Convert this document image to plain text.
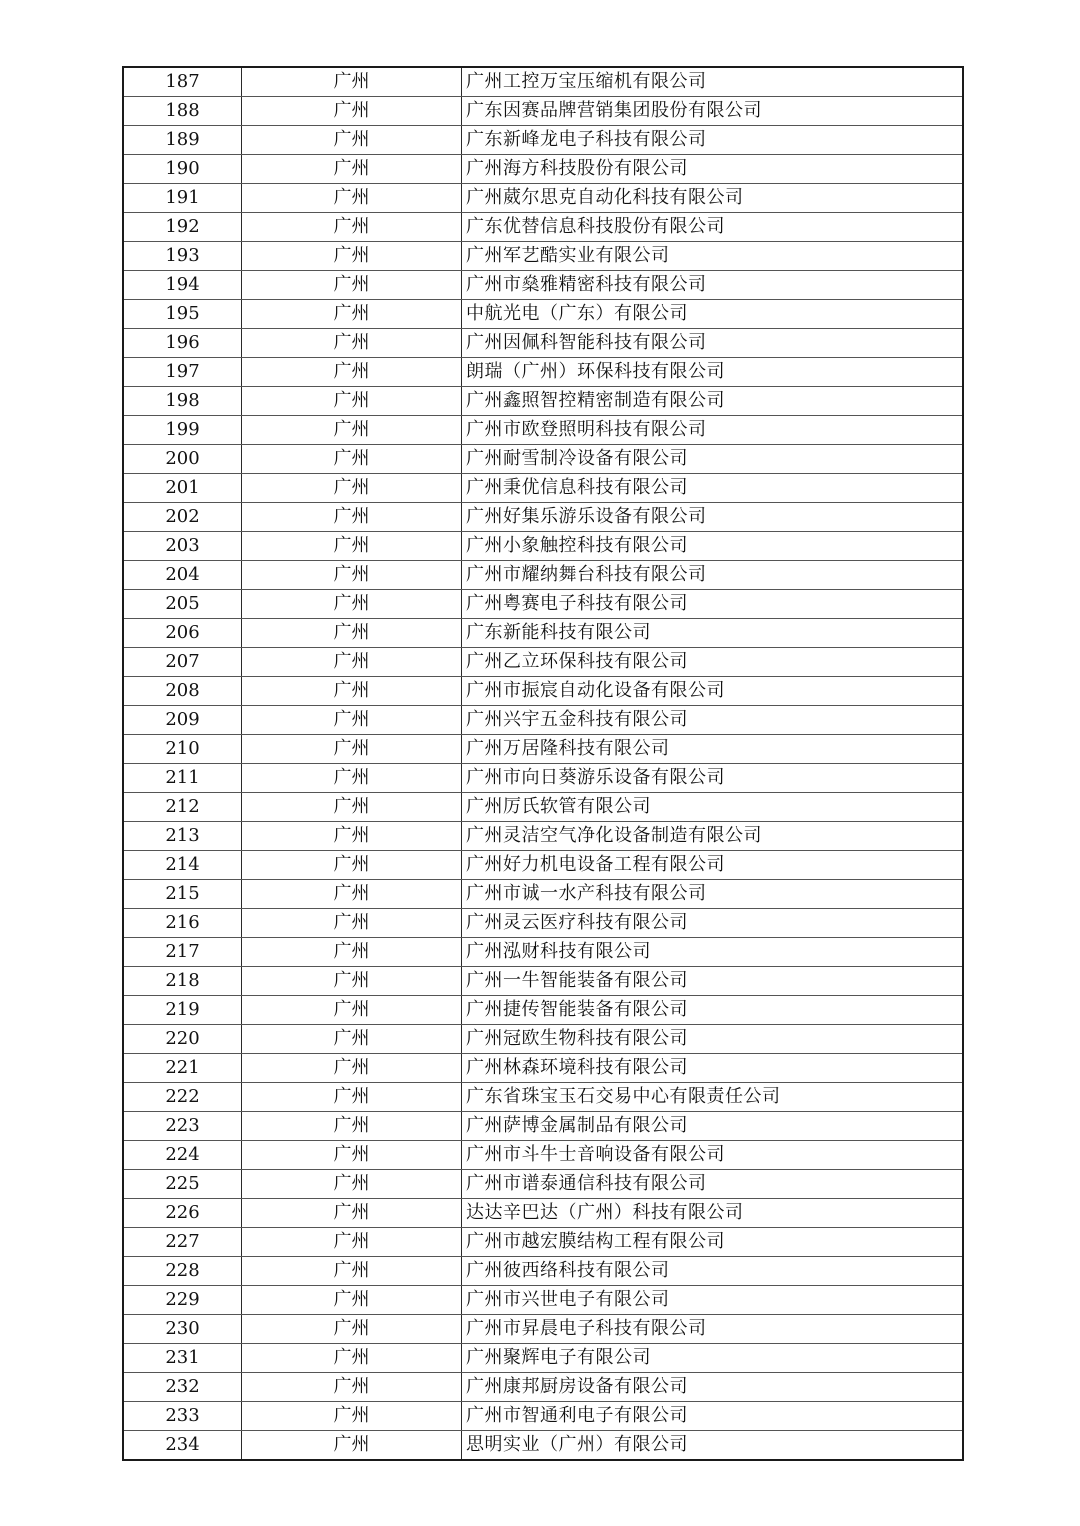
187	广州	广州工控万宝压缩机有限公司
188	广州	广东因赛品牌营销集团股份有限公司
189	广州	广东新峰龙电子科技有限公司
190	广州	广州海方科技股份有限公司
191	广州	广州葳尔思克自动化科技有限公司
192	广州	广东优替信息科技股份有限公司
193	广州	广州军艺酷实业有限公司
194	广州	广州市燊雅精密科技有限公司
195	广州	中航光电（广东）有限公司
196	广州	广州因佩科智能科技有限公司
197	广州	朗瑞（广州）环保科技有限公司
198	广州	广州鑫照智控精密制造有限公司
199	广州	广州市欧登照明科技有限公司
200	广州	广州耐雪制冷设备有限公司
201	广州	广州秉优信息科技有限公司
202	广州	广州好集乐游乐设备有限公司
203	广州	广州小象触控科技有限公司
204	广州	广州市耀纳舞台科技有限公司
205	广州	广州粤赛电子科技有限公司
206	广州	广东新能科技有限公司
207	广州	广州乙立环保科技有限公司
208	广州	广州市振宸自动化设备有限公司
209	广州	广州兴宇五金科技有限公司
210	广州	广州万居隆科技有限公司
211	广州	广州市向日葵游乐设备有限公司
212	广州	广州厉氏软管有限公司
213	广州	广州灵洁空气净化设备制造有限公司
214	广州	广州好力机电设备工程有限公司
215	广州	广州市诚一水产科技有限公司
216	广州	广州灵云医疗科技有限公司
217	广州	广州泓财科技有限公司
218	广州	广州一牛智能装备有限公司
219	广州	广州捷传智能装备有限公司
220	广州	广州冠欧生物科技有限公司
221	广州	广州林森环境科技有限公司
222	广州	广东省珠宝玉石交易中心有限责任公司
223	广州	广州萨博金属制品有限公司
224	广州	广州市斗牛士音响设备有限公司
225	广州	广州市谱泰通信科技有限公司
226	广州	达达辛巴达（广州）科技有限公司
227	广州	广州市越宏膜结构工程有限公司
228	广州	广州彼西络科技有限公司
229	广州	广州市兴世电子有限公司
230	广州	广州市昇晨电子科技有限公司
231	广州	广州聚辉电子有限公司
232	广州	广州康邦厨房设备有限公司
233	广州	广州市智通利电子有限公司
234	广州	思明实业（广州）有限公司
